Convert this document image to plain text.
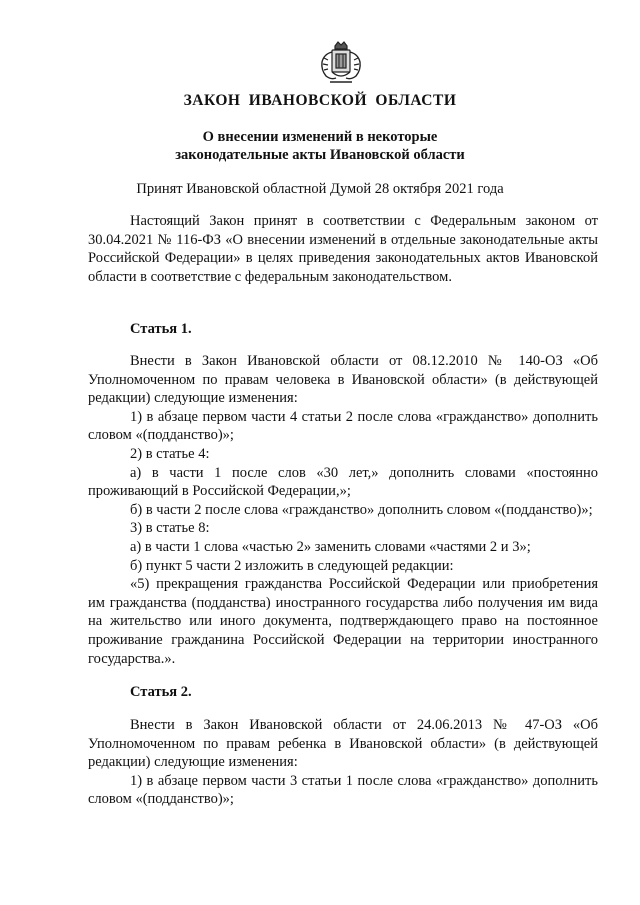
ЗАКОН ИВАНОВСКОЙ ОБЛАСТИ
О внесении изменений в некоторые
законодательные акты Ивановской области
Принят Ивановской областной Думой 28 октября 2021 года

Настоящий Закон принят в соответствии с Федеральным законом от 30.04.2021 № 116-ФЗ «О внесении изменений в отдельные законодательные акты Российской Федерации» в целях приведения законодательных актов Ивановской области в соответствие с федеральным законодательством.

Статья 1.

Внести в Закон Ивановской области от 08.12.2010 № 140-ОЗ «Об Уполномоченном по правам человека в Ивановской области» (в действующей редакции) следующие изменения:

1) в абзаце первом части 4 статьи 2 после слова «гражданство» дополнить словом «(подданство)»;

2) в статье 4:

а) в части 1 после слов «30 лет,» дополнить словами «постоянно проживающий в Российской Федерации,»;

б) в части 2 после слова «гражданство» дополнить словом «(подданство)»;

3) в статье 8:

а) в части 1 слова «частью 2» заменить словами «частями 2 и 3»;

б) пункт 5 части 2 изложить в следующей редакции:

«5) прекращения гражданства Российской Федерации или приобретения им гражданства (подданства) иностранного государства либо получения им вида на жительство или иного документа, подтверждающего право на постоянное проживание гражданина Российской Федерации на территории иностранного государства.».

Статья 2.

Внести в Закон Ивановской области от 24.06.2013 № 47-ОЗ «Об Уполномоченном по правам ребенка в Ивановской области» (в действующей редакции) следующие изменения:

1) в абзаце первом части 3 статьи 1 после слова «гражданство» дополнить словом «(подданство)»;
